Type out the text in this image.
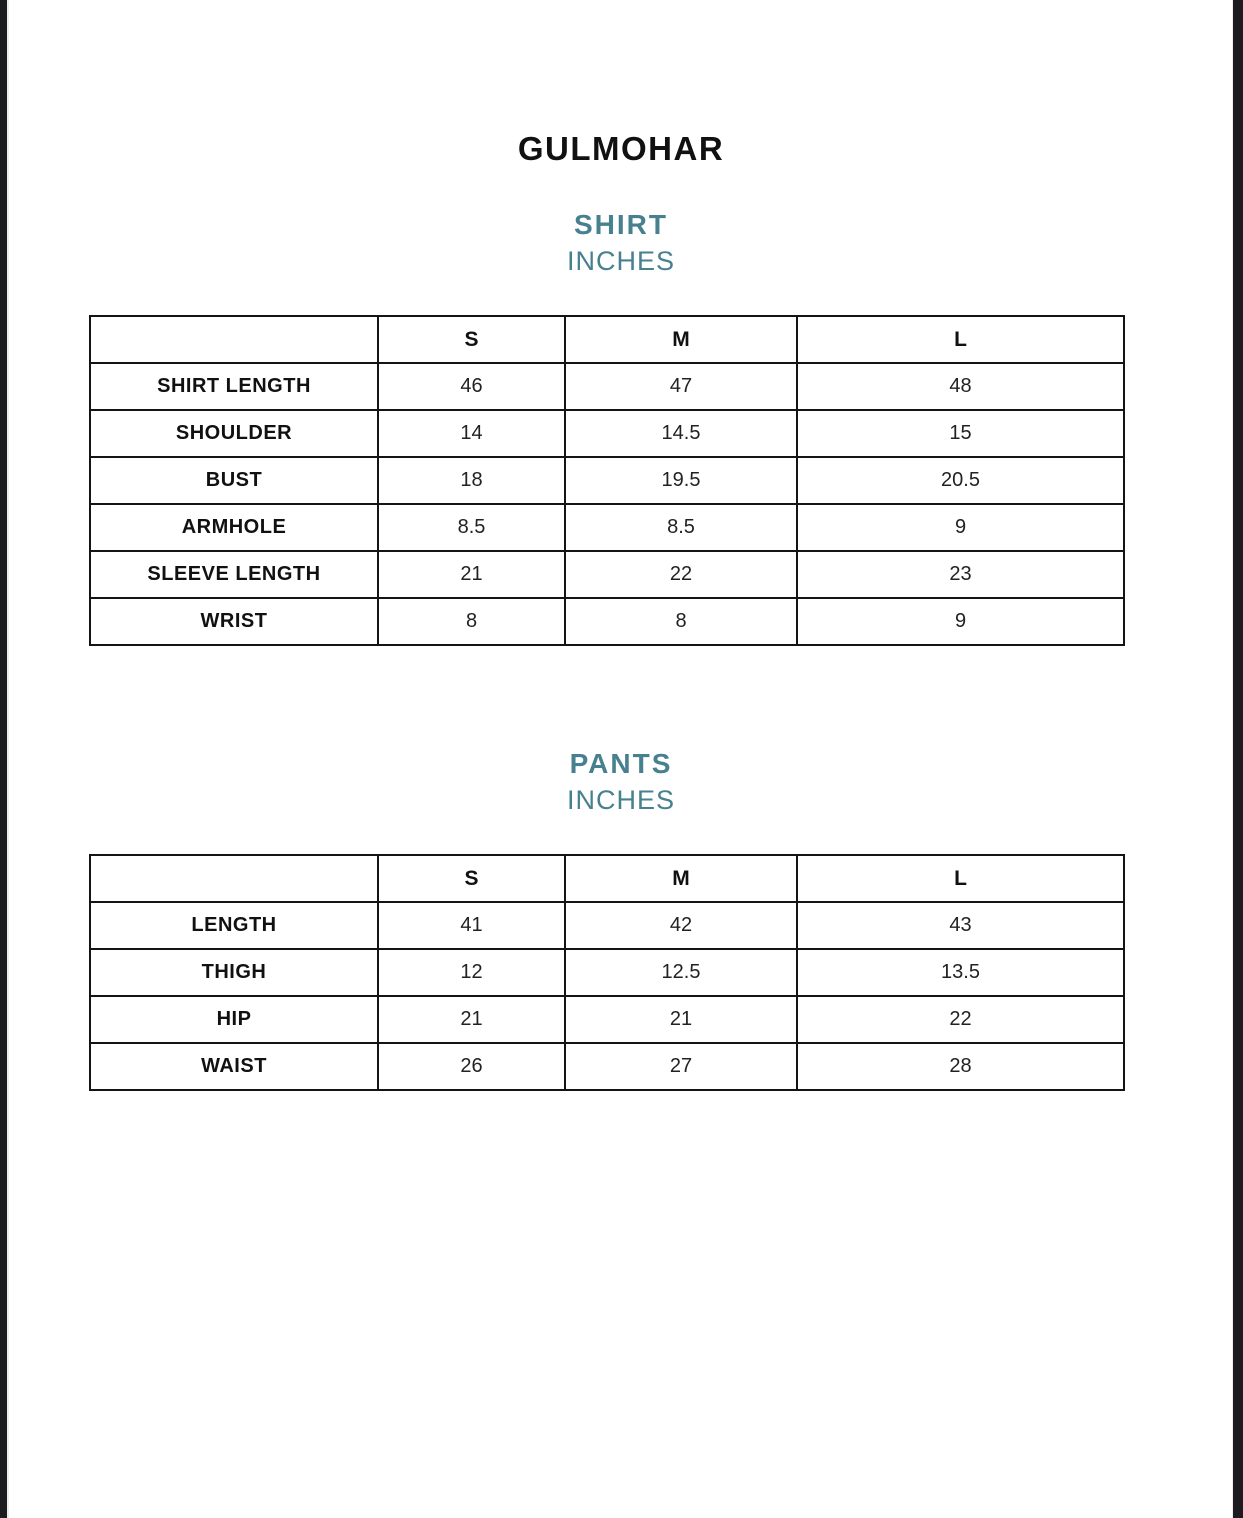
GULMOHAR
SHIRT
INCHES
	S	M	L
SHIRT LENGTH	46	47	48
SHOULDER	14	14.5	15
BUST	18	19.5	20.5
ARMHOLE	8.5	8.5	9
SLEEVE LENGTH	21	22	23
WRIST	8	8	9
PANTS
INCHES
	S	M	L
LENGTH	41	42	43
THIGH	12	12.5	13.5
HIP	21	21	22
WAIST	26	27	28
